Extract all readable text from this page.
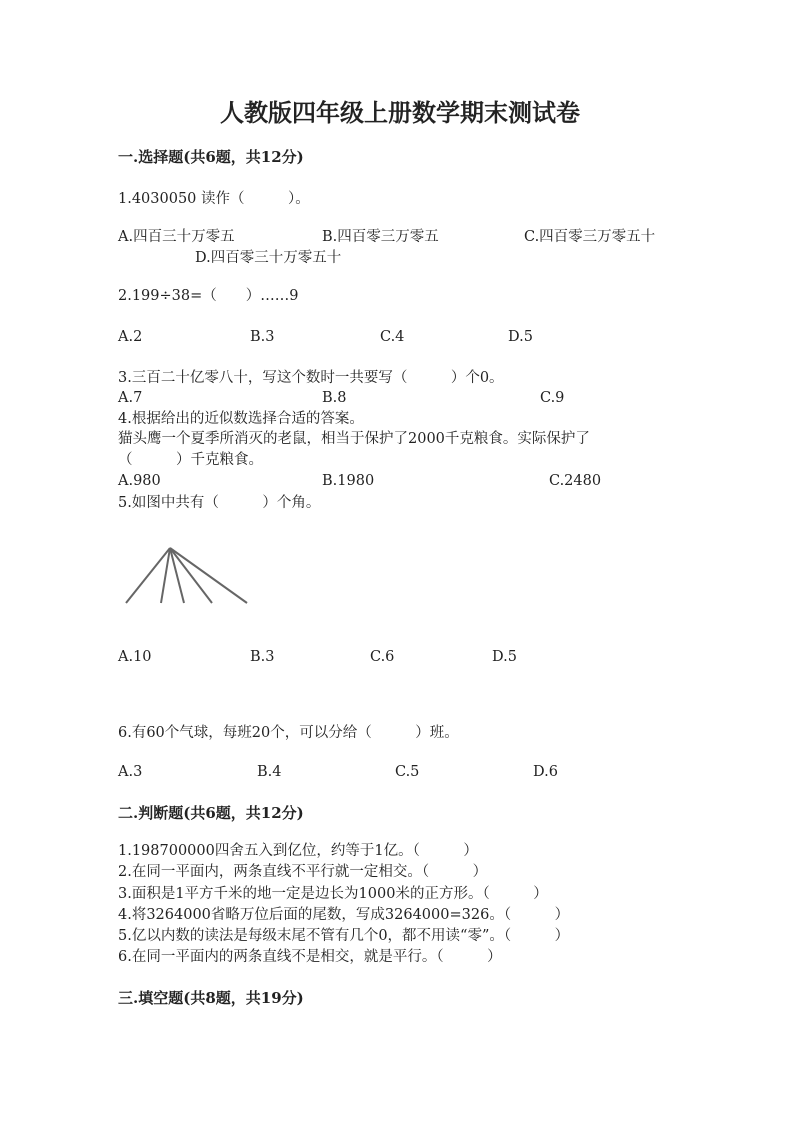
人教版四年级上册数学期末测试卷
一.选择题(共6题，共12分)
1.4030050 读作（　　　）。
A.四百三十万零五	B.四百零三万零五	C.四百零三万零五十
D.四百零三十万零五十
2.199÷38=（　　）……9
A.2	B.3	C.4	D.5
3.三百二十亿零八十，写这个数时一共要写（　　　）个0。
A.7	B.8	C.9
4.根据给出的近似数选择合适的答案。
猫头鹰一个夏季所消灭的老鼠，相当于保护了2000千克粮食。实际保护了
（　　　）千克粮食。
A.980	B.1980	C.2480
5.如图中共有（　　　）个角。
A.10	B.3	C.6	D.5
6.有60个气球，每班20个，可以分给（　　　）班。
A.3	B.4	C.5	D.6
二.判断题(共6题，共12分)
1.198700000四舍五入到亿位，约等于1亿。（　　　）
2.在同一平面内，两条直线不平行就一定相交。（　　　）
3.面积是1平方千米的地一定是边长为1000米的正方形。（　　　）
4.将3264000省略万位后面的尾数，写成3264000=326。（　　　）
5.亿以内数的读法是每级末尾不管有几个0，都不用读“零”。（　　　）
6.在同一平面内的两条直线不是相交，就是平行。（　　　）
三.填空题(共8题，共19分)
